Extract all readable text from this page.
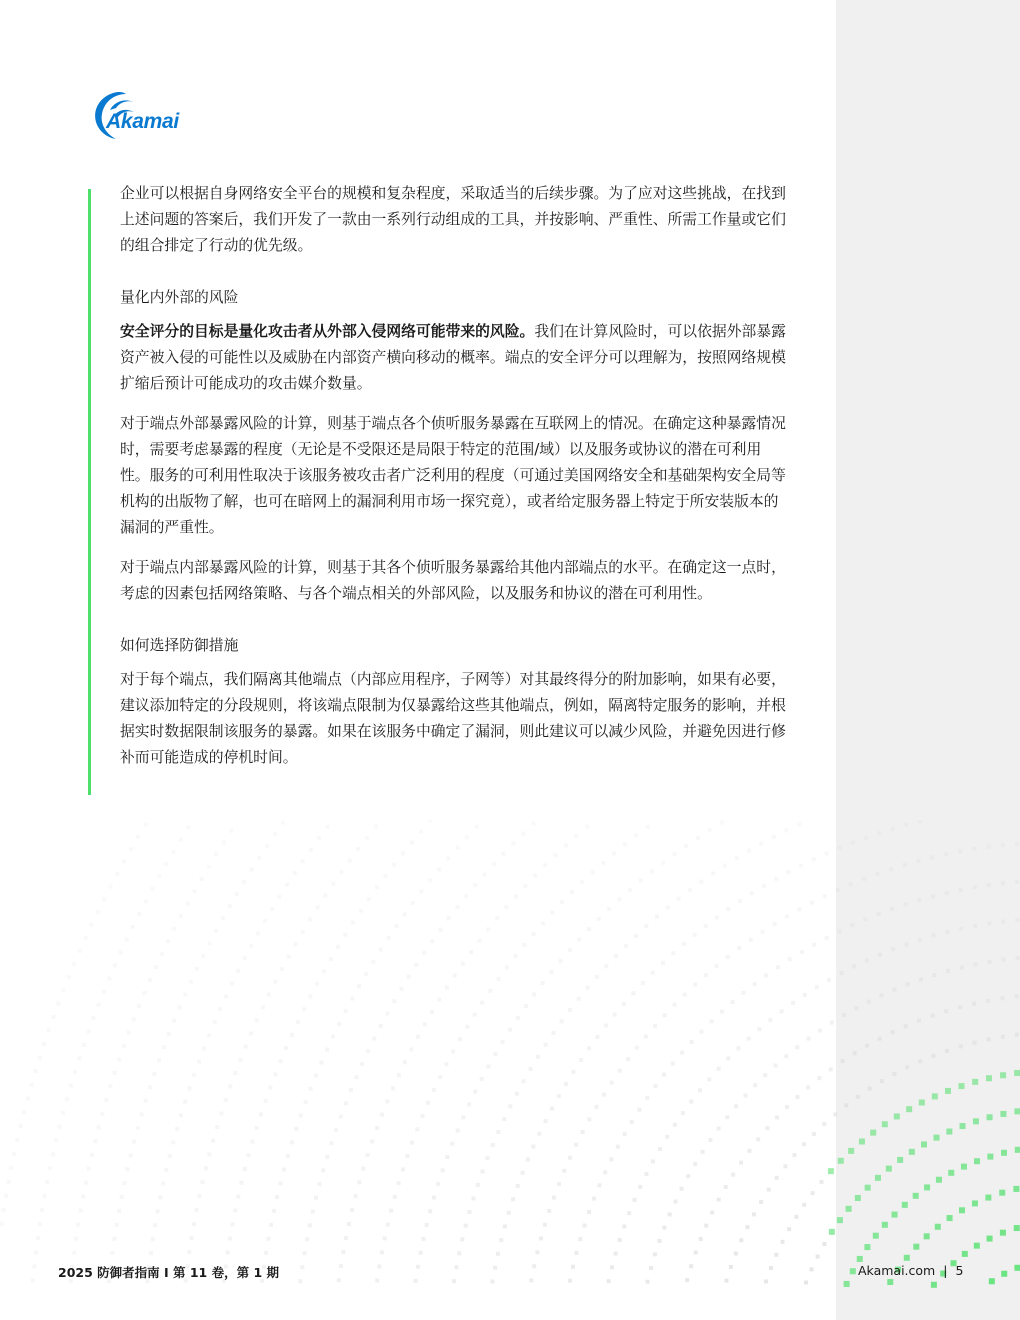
Akamai

企业可以根据自身网络安全平台的规模和复杂程度，采取适当的后续步骤。为了应对这些挑战，在找到上述问题的答案后，我们开发了一款由一系列行动组成的工具，并按影响、严重性、所需工作量或它们的组合排定了行动的优先级。

量化内外部的风险

安全评分的目标是量化攻击者从外部入侵网络可能带来的风险。我们在计算风险时，可以依据外部暴露资产被入侵的可能性以及威胁在内部资产横向移动的概率。端点的安全评分可以理解为，按照网络规模扩缩后预计可能成功的攻击媒介数量。

对于端点外部暴露风险的计算，则基于端点各个侦听服务暴露在互联网上的情况。在确定这种暴露情况时，需要考虑暴露的程度（无论是不受限还是局限于特定的范围/域）以及服务或协议的潜在可利用性。服务的可利用性取决于该服务被攻击者广泛利用的程度（可通过美国网络安全和基础架构安全局等机构的出版物了解，也可在暗网上的漏洞利用市场一探究竟），或者给定服务器上特定于所安装版本的漏洞的严重性。

对于端点内部暴露风险的计算，则基于其各个侦听服务暴露给其他内部端点的水平。在确定这一点时，考虑的因素包括网络策略、与各个端点相关的外部风险，以及服务和协议的潜在可利用性。

如何选择防御措施

对于每个端点，我们隔离其他端点（内部应用程序，子网等）对其最终得分的附加影响，如果有必要，建议添加特定的分段规则，将该端点限制为仅暴露给这些其他端点，例如，隔离特定服务的影响，并根据实时数据限制该服务的暴露。如果在该服务中确定了漏洞，则此建议可以减少风险，并避免因进行修补而可能造成的停机时间。

2025 防御者指南 I 第 11 卷，第 1 期	Akamai.com | 5
